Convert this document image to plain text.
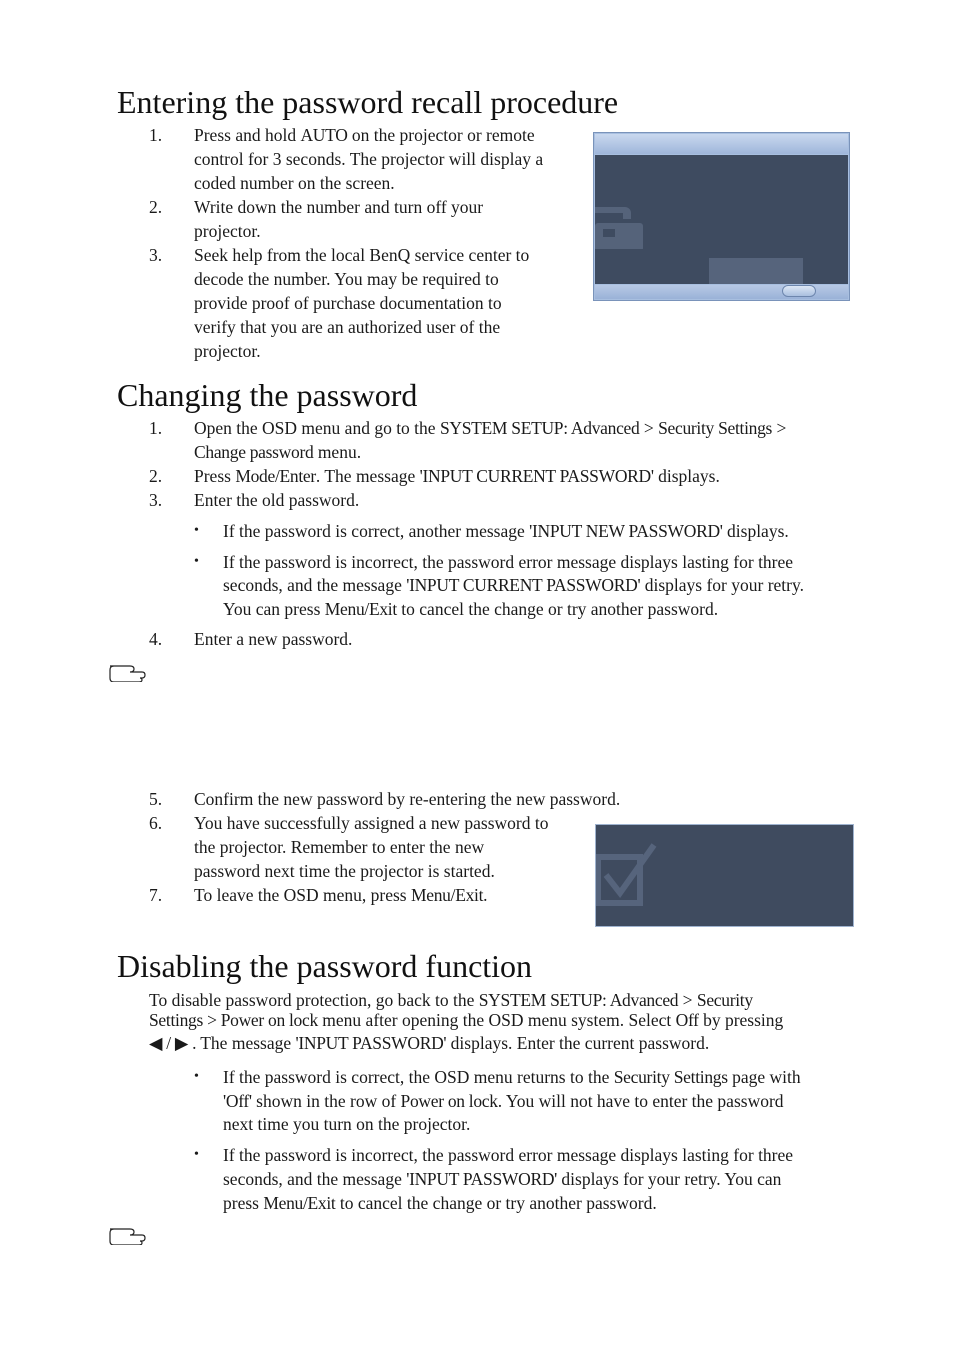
Entering the password recall procedure
1. Press and hold AUTO on the projector or remote
control for 3 seconds. The projector will display a
coded number on the screen.
2. Write down the number and turn off your
projector.
3. Seek help from the local BenQ service center to
decode the number. You may be required to
provide proof of purchase documentation to
verify that you are an authorized user of the
projector.
Changing the password
1. Open the OSD menu and go to the SYSTEM SETUP: Advanced > Security Settings >
Change password menu.
2. Press Mode/Enter. The message 'INPUT CURRENT PASSWORD' displays.
3. Enter the old password.
• If the password is correct, another message 'INPUT NEW PASSWORD' displays.
• If the password is incorrect, the password error message displays lasting for three
seconds, and the message 'INPUT CURRENT PASSWORD' displays for your retry.
You can press Menu/Exit to cancel the change or try another password.
4. Enter a new password.
5. Confirm the new password by re-entering the new password.
6. You have successfully assigned a new password to
the projector. Remember to enter the new
password next time the projector is started.
7. To leave the OSD menu, press Menu/Exit.
Disabling the password function
To disable password protection, go back to the SYSTEM SETUP: Advanced > Security
Settings > Power on lock menu after opening the OSD menu system. Select Off by pressing
◀ / ▶ . The message 'INPUT PASSWORD' displays. Enter the current password.
• If the password is correct, the OSD menu returns to the Security Settings page with
'Off' shown in the row of Power on lock. You will not have to enter the password
next time you turn on the projector.
• If the password is incorrect, the password error message displays lasting for three
seconds, and the message 'INPUT PASSWORD' displays for your retry. You can
press Menu/Exit to cancel the change or try another password.
